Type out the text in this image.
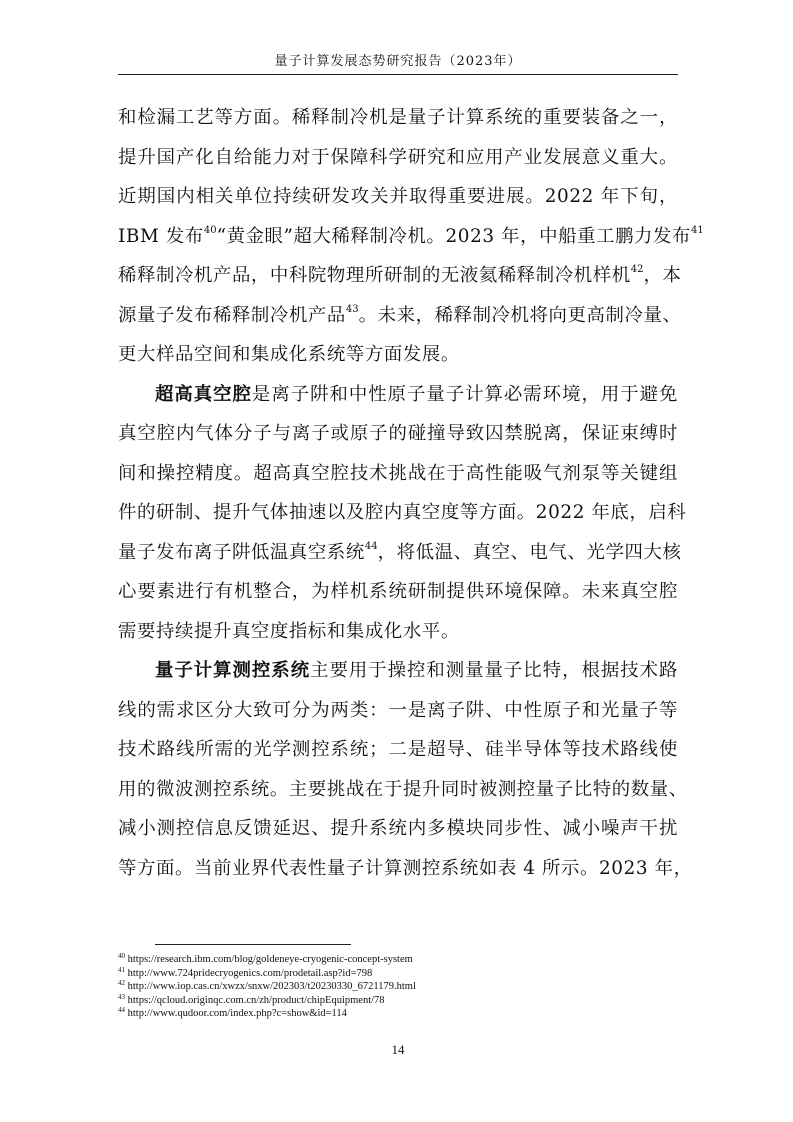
量子计算发展态势研究报告（2023年）
和检漏工艺等方面。稀释制冷机是量子计算系统的重要装备之一，
提升国产化自给能力对于保障科学研究和应用产业发展意义重大。
近期国内相关单位持续研发攻关并取得重要进展。2022 年下旬，
IBM 发布$^{40}$“黄金眼”超大稀释制冷机。2023 年，中船重工鹏力发布$^{41}$
稀释制冷机产品，中科院物理所研制的无液氦稀释制冷机样机$^{42}$，本
源量子发布稀释制冷机产品$^{43}$。未来，稀释制冷机将向更高制冷量、
更大样品空间和集成化系统等方面发展。
超高真空腔是离子阱和中性原子量子计算必需环境，用于避免
真空腔内气体分子与离子或原子的碰撞导致囚禁脱离，保证束缚时
间和操控精度。超高真空腔技术挑战在于高性能吸气剂泵等关键组
件的研制、提升气体抽速以及腔内真空度等方面。2022 年底，启科
量子发布离子阱低温真空系统$^{44}$，将低温、真空、电气、光学四大核
心要素进行有机整合，为样机系统研制提供环境保障。未来真空腔
需要持续提升真空度指标和集成化水平。
量子计算测控系统主要用于操控和测量量子比特，根据技术路
线的需求区分大致可分为两类：一是离子阱、中性原子和光量子等
技术路线所需的光学测控系统；二是超导、硅半导体等技术路线使
用的微波测控系统。主要挑战在于提升同时被测控量子比特的数量、
减小测控信息反馈延迟、提升系统内多模块同步性、减小噪声干扰
等方面。当前业界代表性量子计算测控系统如表 4 所示。2023 年，
$^{40}$ https://research.ibm.com/blog/goldeneye-cryogenic-concept-system
$^{41}$ http://www.724pridecryogenics.com/prodetail.asp?id=798
$^{42}$ http://www.iop.cas.cn/xwzx/snxw/202303/t20230330_6721179.html
$^{43}$ https://qcloud.originqc.com.cn/zh/product/chipEquipment/78
$^{44}$ http://www.qudoor.com/index.php?c=show&id=114
14
